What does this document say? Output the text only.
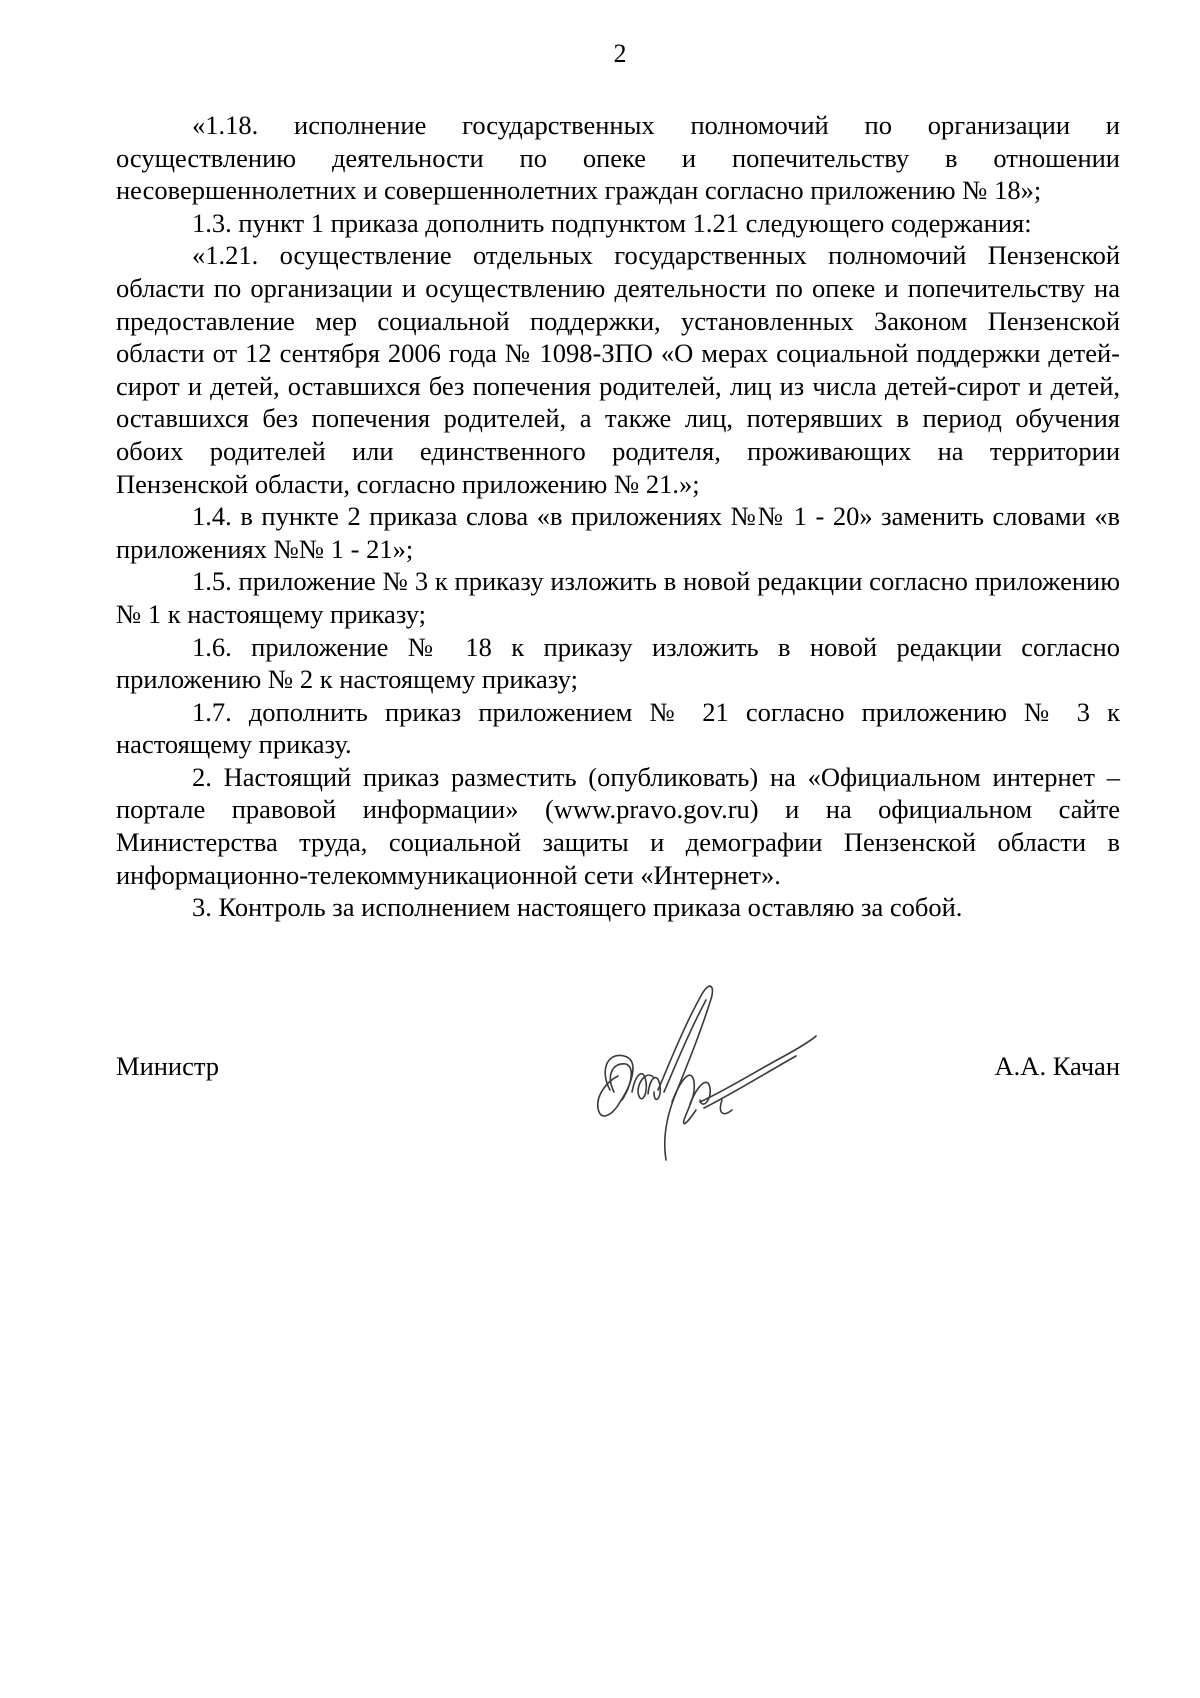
2

«1.18. исполнение государственных полномочий по организации и осуществлению деятельности по опеке и попечительству в отношении несовершеннолетних и совершеннолетних граждан согласно приложению № 18»;

1.3. пункт 1 приказа дополнить подпунктом 1.21 следующего содержания:

«1.21. осуществление отдельных государственных полномочий Пензенской области по организации и осуществлению деятельности по опеке и попечительству на предоставление мер социальной поддержки, установленных Законом Пензенской области от 12 сентября 2006 года № 1098-ЗПО «О мерах социальной поддержки детей-сирот и детей, оставшихся без попечения родителей, лиц из числа детей-сирот и детей, оставшихся без попечения родителей, а также лиц, потерявших в период обучения обоих родителей или единственного родителя, проживающих на территории Пензенской области, согласно приложению № 21.»;

1.4. в пункте 2 приказа слова «в приложениях №№ 1 - 20» заменить словами «в приложениях №№ 1 - 21»;

1.5. приложение № 3 к приказу изложить в новой редакции согласно приложению № 1 к настоящему приказу;

1.6. приложение № 18 к приказу изложить в новой редакции согласно приложению № 2 к настоящему приказу;

1.7. дополнить приказ приложением № 21 согласно приложению № 3 к настоящему приказу.

2. Настоящий приказ разместить (опубликовать) на «Официальном интернет – портале правовой информации» (www.pravo.gov.ru) и на официальном сайте Министерства труда, социальной защиты и демографии Пензенской области в информационно-телекоммуникационной сети «Интернет».

3. Контроль за исполнением настоящего приказа оставляю за собой.

Министр	А.А. Качан
